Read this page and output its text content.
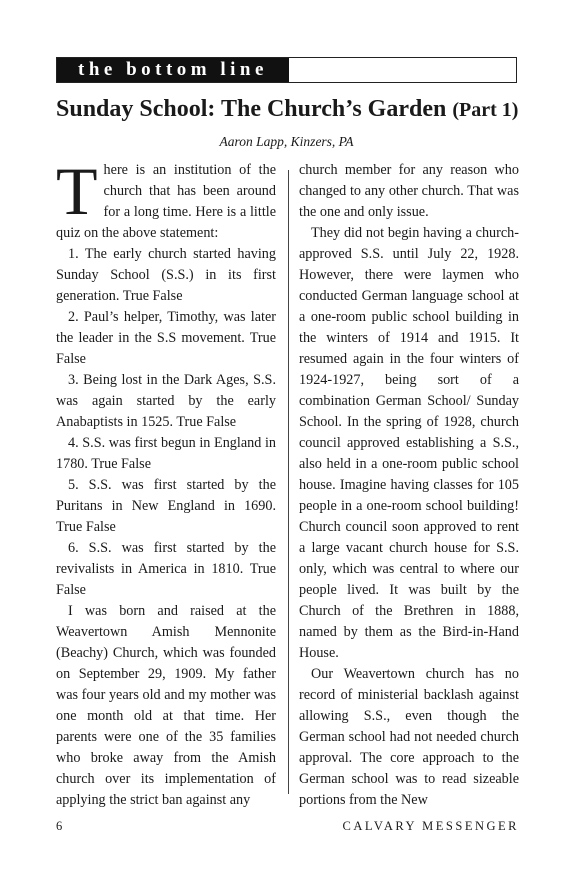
the bottom line
Sunday School: The Church’s Garden (Part 1)
Aaron Lapp, Kinzers, PA

There is an institution of the church that has been around for a long time. Here is a little quiz on the above statement:

1. The early church started having Sunday School (S.S.) in its first generation. True False

2. Paul’s helper, Timothy, was later the leader in the S.S movement. True False

3. Being lost in the Dark Ages, S.S. was again started by the early Anabaptists in 1525. True False

4. S.S. was first begun in England in 1780. True False

5. S.S. was first started by the Puritans in New England in 1690. True False

6. S.S. was first started by the revivalists in America in 1810. True False

I was born and raised at the Weavertown Amish Mennonite (Beachy) Church, which was founded on September 29, 1909. My father was four years old and my mother was one month old at that time. Her parents were one of the 35 families who broke away from the Amish church over its implementation of applying the strict ban against any

church member for any reason who changed to any other church. That was the one and only issue.

They did not begin having a church-approved S.S. until July 22, 1928. However, there were laymen who conducted German language school at a one-room public school building in the winters of 1914 and 1915. It resumed again in the four winters of 1924-1927, being sort of a combination German School/ Sunday School. In the spring of 1928, church council approved establishing a S.S., also held in a one-room public school house. Imagine having classes for 105 people in a one-room school building! Church council soon approved to rent a large vacant church house for S.S. only, which was central to where our people lived. It was built by the Church of the Brethren in 1888, named by them as the Bird-in-Hand House.

Our Weavertown church has no record of ministerial backlash against allowing S.S., even though the German school had not needed church approval. The core approach to the German school was to read sizeable portions from the New

6	CALVARY MESSENGER
